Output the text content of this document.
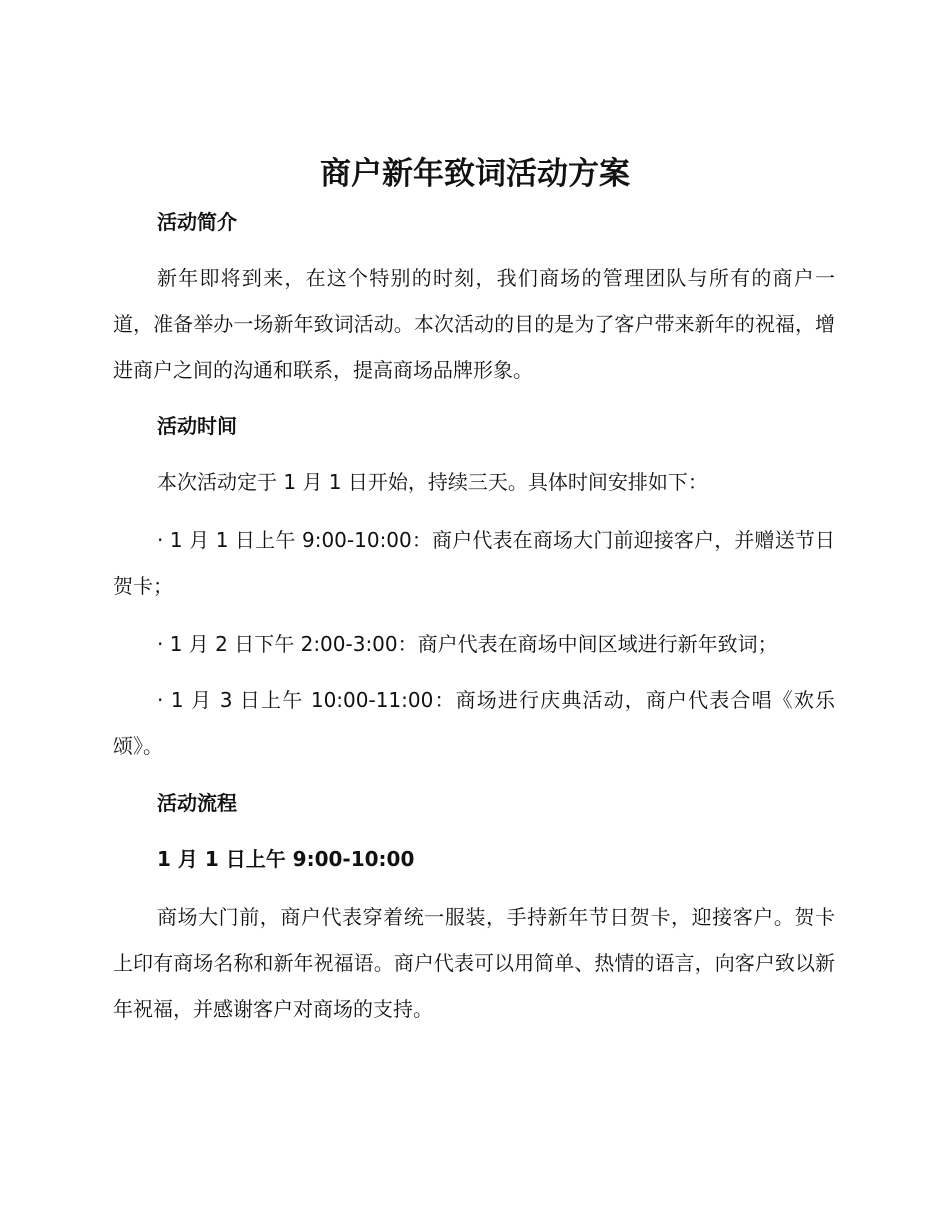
商户新年致词活动方案
活动简介

新年即将到来，在这个特别的时刻，我们商场的管理团队与所有的商户一道，准备举办一场新年致词活动。本次活动的目的是为了客户带来新年的祝福，增进商户之间的沟通和联系，提高商场品牌形象。

活动时间

本次活动定于 1 月 1 日开始，持续三天。具体时间安排如下：

· 1 月 1 日上午 9:00-10:00：商户代表在商场大门前迎接客户，并赠送节日贺卡；

· 1 月 2 日下午 2:00-3:00：商户代表在商场中间区域进行新年致词；

· 1 月 3 日上午 10:00-11:00：商场进行庆典活动，商户代表合唱《欢乐颂》。

活动流程
1 月 1 日上午 9:00-10:00

商场大门前，商户代表穿着统一服装，手持新年节日贺卡，迎接客户。贺卡上印有商场名称和新年祝福语。商户代表可以用简单、热情的语言，向客户致以新年祝福，并感谢客户对商场的支持。
